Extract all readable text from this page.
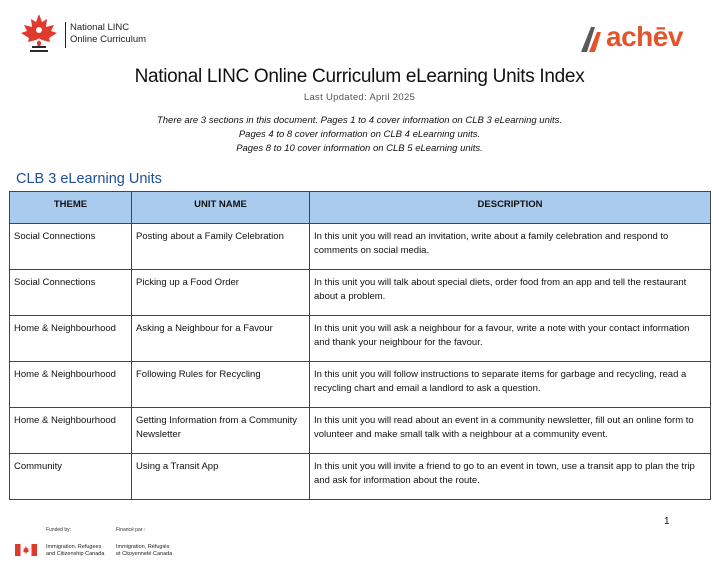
National LINC
Online Curriculum	achēv
National LINC Online Curriculum eLearning Units Index
Last Updated: April 2025
There are 3 sections in this document. Pages 1 to 4 cover information on CLB 3 eLearning units.
Pages 4 to 8 cover information on CLB 4 eLearning units.
Pages 8 to 10 cover information on CLB 5 eLearning units.
CLB 3 eLearning Units
THEME	UNIT NAME	DESCRIPTION
Social Connections	Posting about a Family Celebration	In this unit you will read an invitation, write about a family celebration and respond to comments on social media.
Social Connections	Picking up a Food Order	In this unit you will talk about special diets, order food from an app and tell the restaurant about a problem.
Home & Neighbourhood	Asking a Neighbour for a Favour	In this unit you will ask a neighbour for a favour, write a note with your contact information and thank your neighbour for the favour.
Home & Neighbourhood	Following Rules for Recycling	In this unit you will follow instructions to separate items for garbage and recycling, read a recycling chart and email a landlord to ask a question.
Home & Neighbourhood	Getting Information from a Community Newsletter	In this unit you will read about an event in a community newsletter, fill out an online form to volunteer and make small talk with a neighbour at a community event.
Community	Using a Transit App	In this unit you will invite a friend to go to an event in town, use a transit app to plan the trip and ask for information about the route.
1
Funded by:	Financé par :
Immigration, Refugees
and Citizenship Canada
Immigration, Réfugiés
et Citoyenneté Canada
